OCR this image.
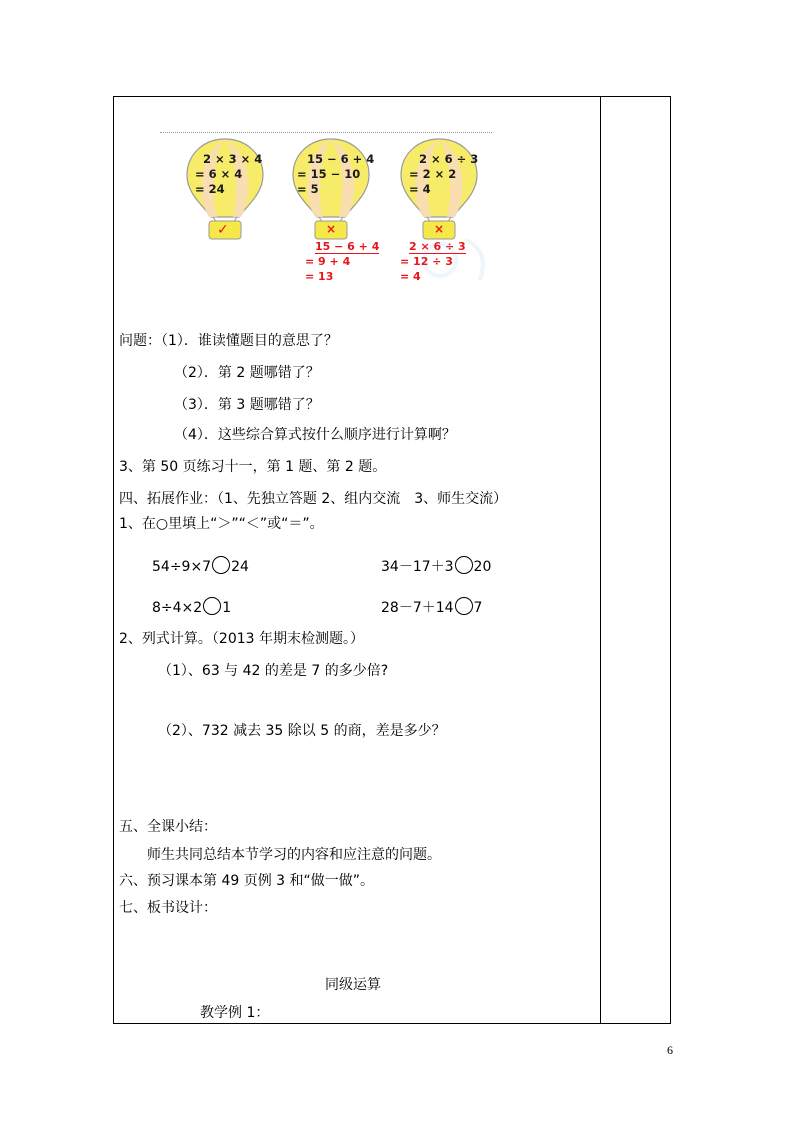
2 × 3 × 4
= 6 × 4
= 24
✓
15 − 6 + 4
= 15 − 10
= 5
×
2 × 6 ÷ 3
= 2 × 2
= 4
×
15 − 6 + 4
= 9 + 4
= 13
2 × 6 ÷ 3
= 12 ÷ 3
= 4
问题：（1）．谁读懂题目的意思了？
（2）．第 2 题哪错了？
（3）．第 3 题哪错了？
（4）．这些综合算式按什么顺序进行计算啊？
3、第 50 页练习十一，第 1 题、第 2 题。
四、拓展作业：（1、先独立答题 2、组内交流　3、师生交流）
1、在○里填上“＞”“＜”或“＝”。
54÷9×7 24	34－17＋3 20
8÷4×2 1	28－7＋14 7
2、列式计算。（2013 年期末检测题。）
（1）、63 与 42 的差是 7 的多少倍?
（2）、732 减去 35 除以 5 的商，差是多少？
五、全课小结：
师生共同总结本节学习的内容和应注意的问题。
六、预习课本第 49 页例 3 和“做一做”。
七、板书设计：
同级运算
教学例 1：
6
